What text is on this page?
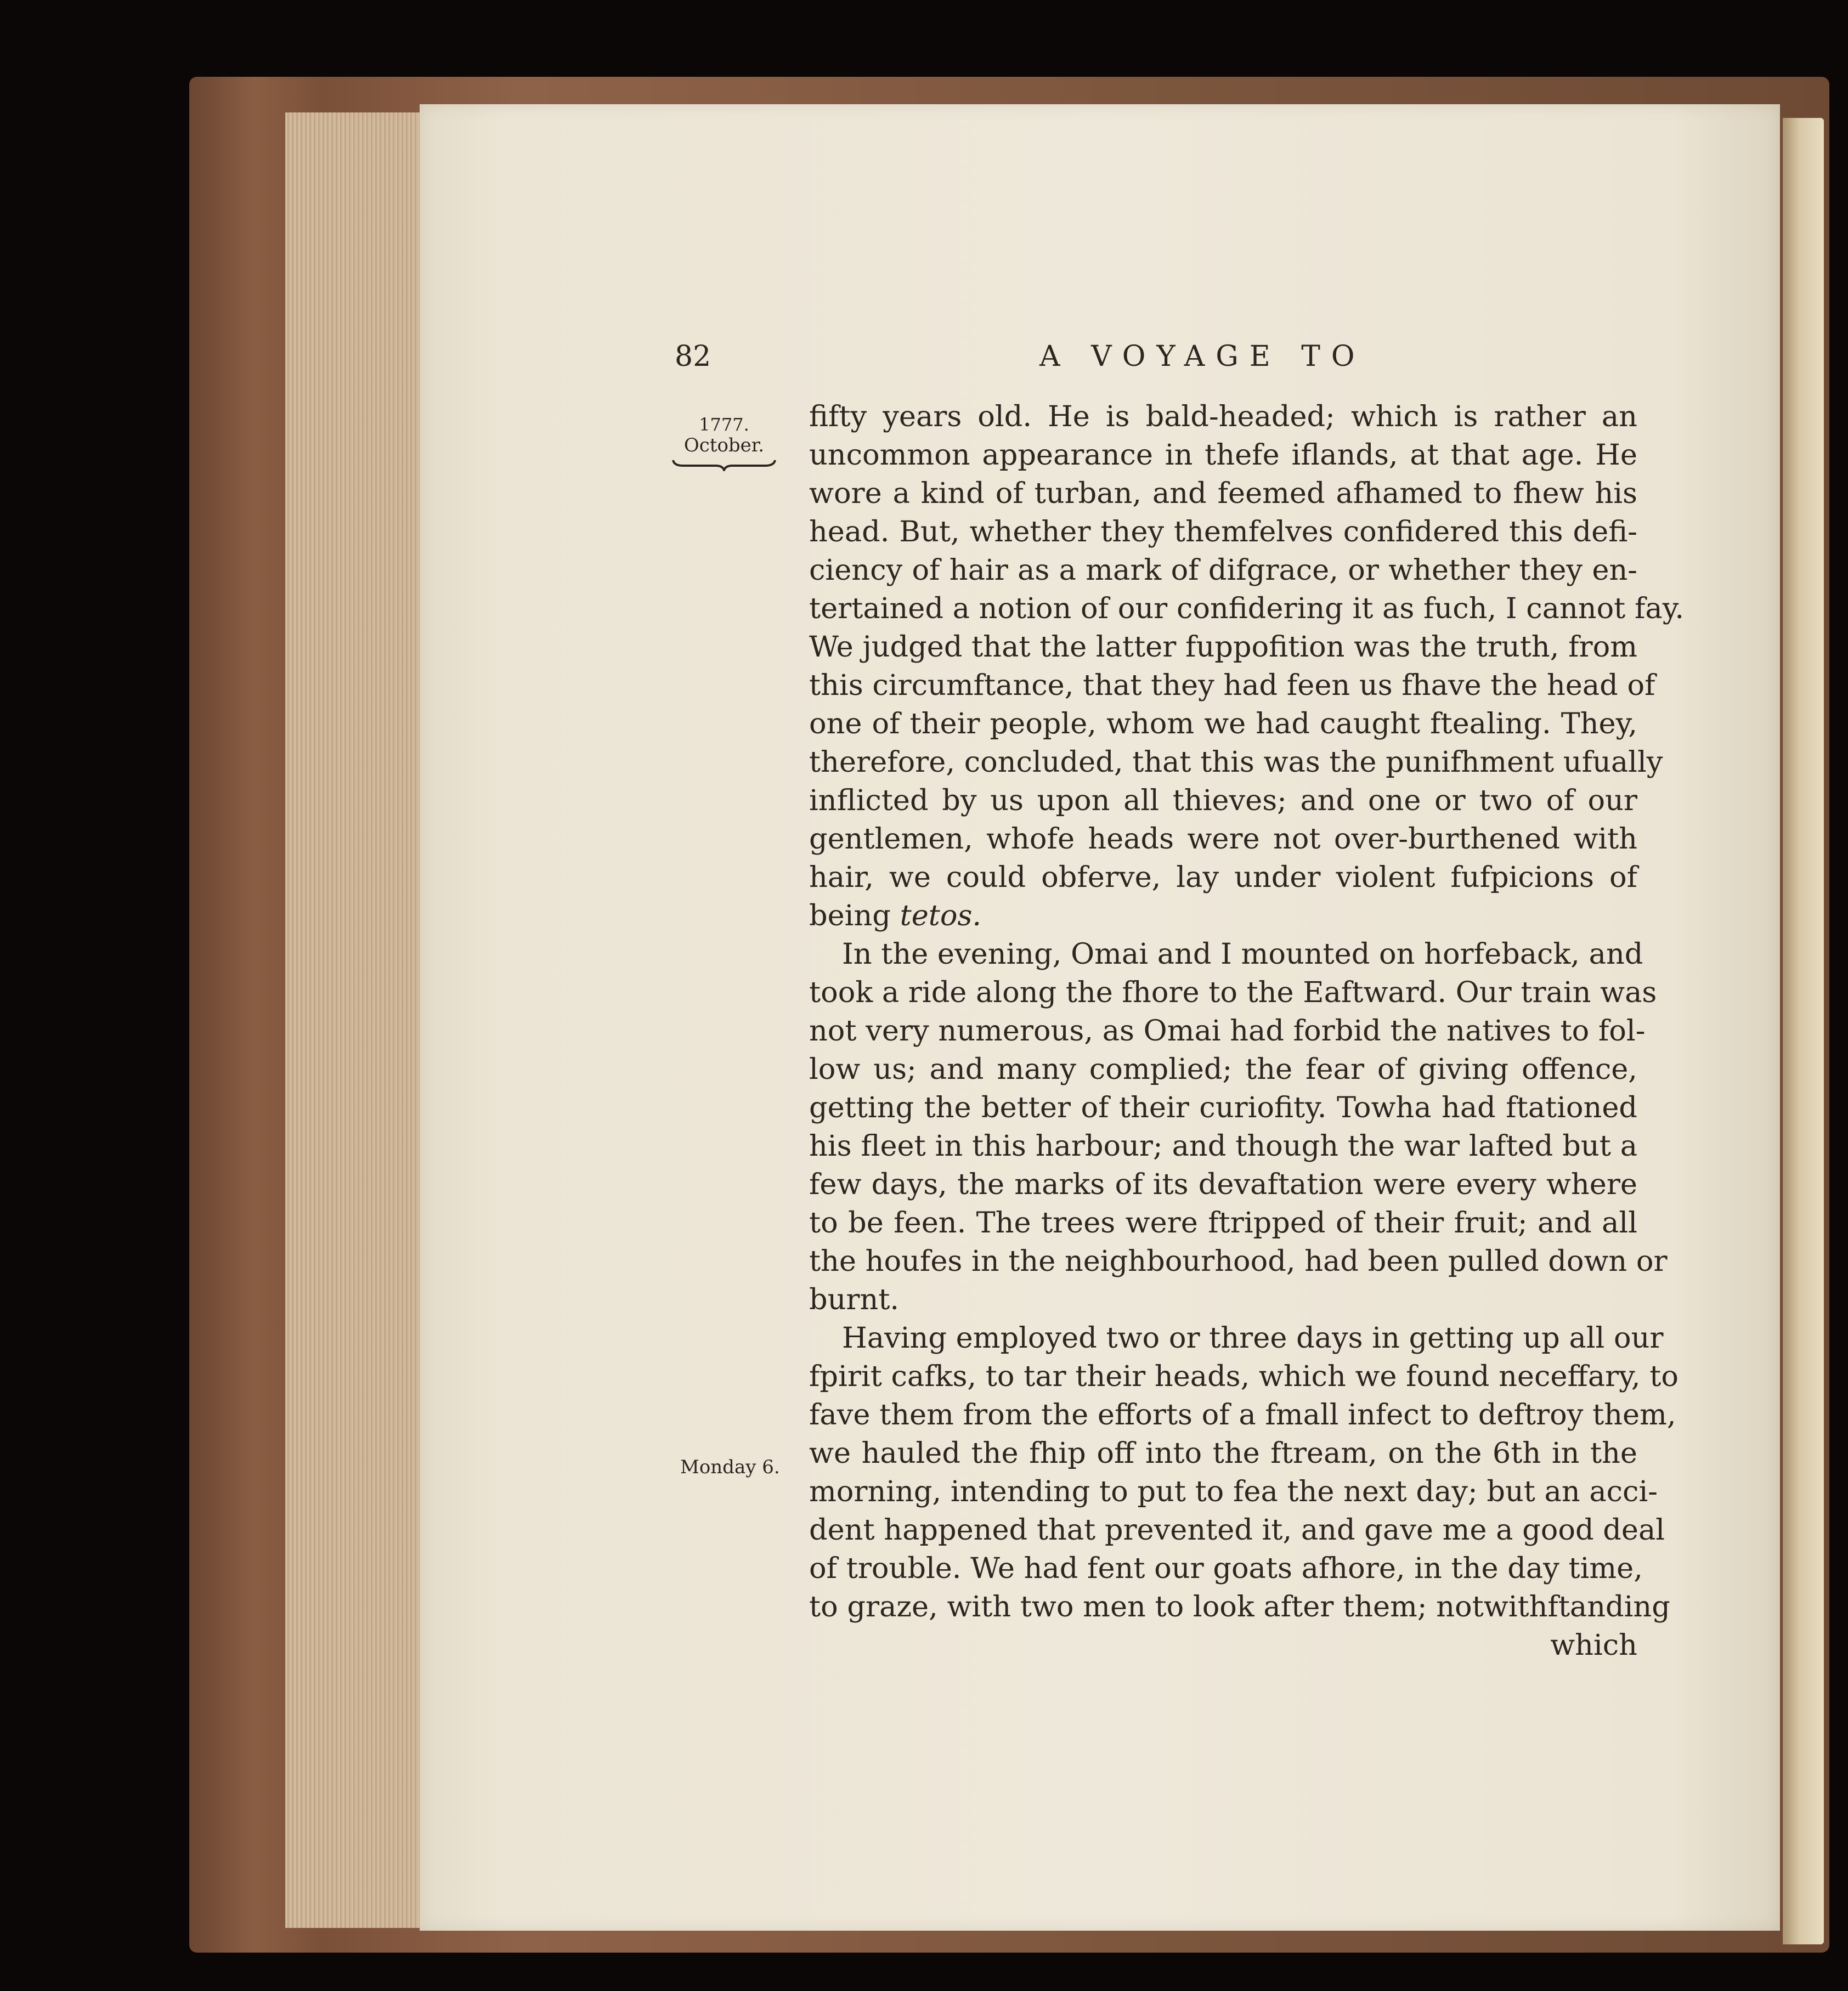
82	A VOYAGE TO
1777.
October.
Monday 6.
fifty years old. He is bald-headed; which is rather an
uncommon appearance in thefe iflands, at that age. He
wore a kind of turban, and feemed afhamed to fhew his
head. But, whether they themfelves confidered this defi-
ciency of hair as a mark of difgrace, or whether they en-
tertained a notion of our confidering it as fuch, I cannot fay.
We judged that the latter fuppofition was the truth, from
this circumftance, that they had feen us fhave the head of
one of their people, whom we had caught ftealing. They,
therefore, concluded, that this was the punifhment ufually
inflicted by us upon all thieves; and one or two of our
gentlemen, whofe heads were not over-burthened with
hair, we could obferve, lay under violent fufpicions of
being tetos.
In the evening, Omai and I mounted on horfeback, and
took a ride along the fhore to the Eaftward. Our train was
not very numerous, as Omai had forbid the natives to fol-
low us; and many complied; the fear of giving offence,
getting the better of their curiofity. Towha had ftationed
his fleet in this harbour; and though the war lafted but a
few days, the marks of its devaftation were every where
to be feen. The trees were ftripped of their fruit; and all
the houfes in the neighbourhood, had been pulled down or
burnt.
Having employed two or three days in getting up all our
fpirit cafks, to tar their heads, which we found neceffary, to
fave them from the efforts of a fmall infect to deftroy them,
we hauled the fhip off into the ftream, on the 6th in the
morning, intending to put to fea the next day; but an acci-
dent happened that prevented it, and gave me a good deal
of trouble. We had fent our goats afhore, in the day time,
to graze, with two men to look after them; notwithftanding
which
